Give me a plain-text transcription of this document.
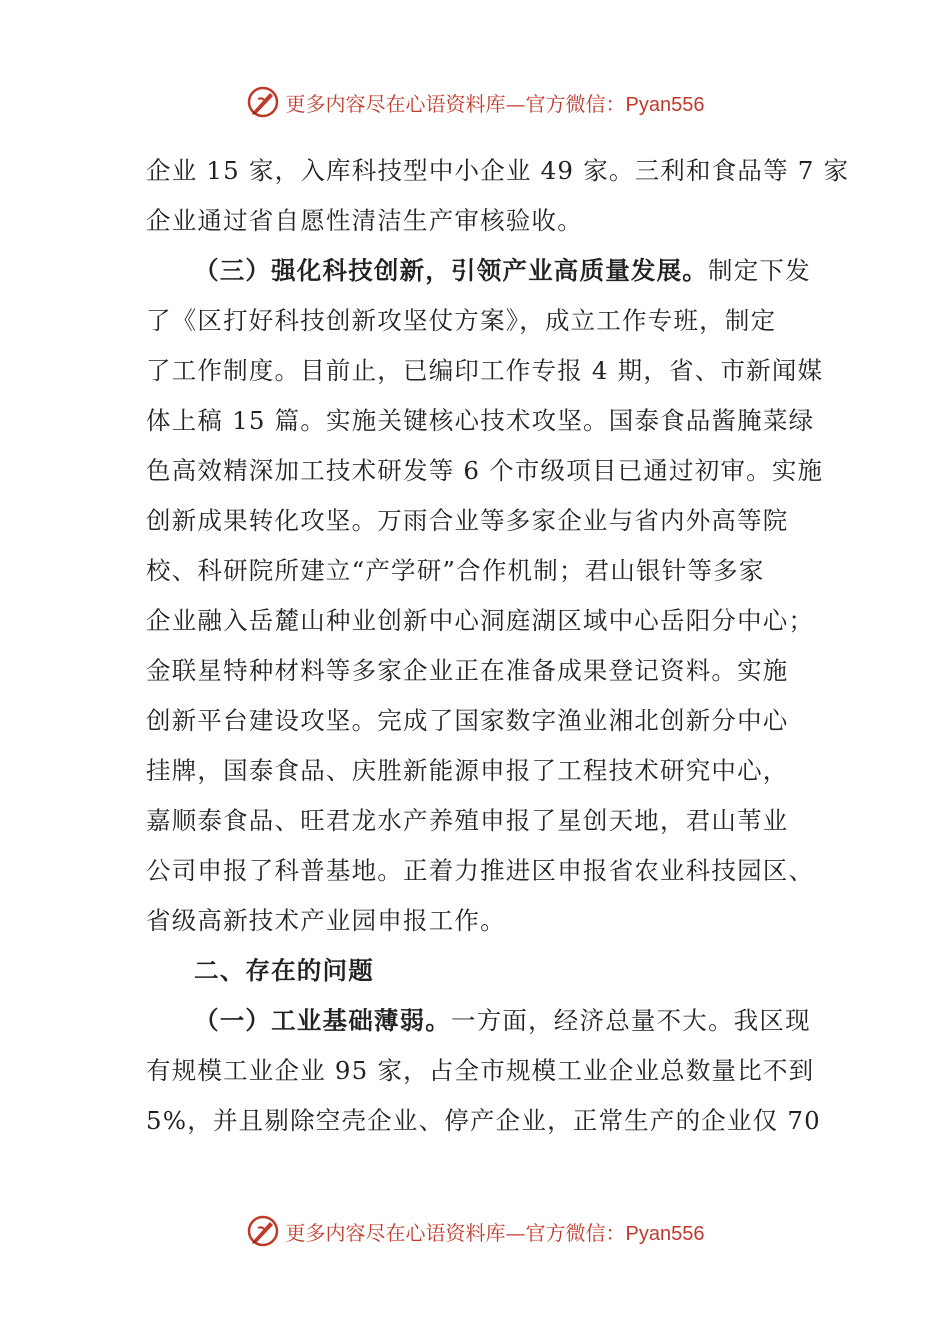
更多内容尽在心语资料库—官方微信：Pyan556
企业 15 家，入库科技型中小企业 49 家。三利和食品等 7 家
企业通过省自愿性清洁生产审核验收。
（三）强化科技创新，引领产业高质量发展。制定下发
了《区打好科技创新攻坚仗方案》，成立工作专班，制定
了工作制度。目前止，已编印工作专报 4 期，省、市新闻媒
体上稿 15 篇。实施关键核心技术攻坚。国泰食品酱腌菜绿
色高效精深加工技术研发等 6 个市级项目已通过初审。实施
创新成果转化攻坚。万雨合业等多家企业与省内外高等院
校、科研院所建立“产学研”合作机制；君山银针等多家
企业融入岳麓山种业创新中心洞庭湖区域中心岳阳分中心；
金联星特种材料等多家企业正在准备成果登记资料。实施
创新平台建设攻坚。完成了国家数字渔业湘北创新分中心
挂牌，国泰食品、庆胜新能源申报了工程技术研究中心，
嘉顺泰食品、旺君龙水产养殖申报了星创天地，君山苇业
公司申报了科普基地。正着力推进区申报省农业科技园区、
省级高新技术产业园申报工作。
二、存在的问题
（一）工业基础薄弱。一方面，经济总量不大。我区现
有规模工业企业 95 家，占全市规模工业企业总数量比不到
5%，并且剔除空壳企业、停产企业，正常生产的企业仅 70
更多内容尽在心语资料库—官方微信：Pyan556
